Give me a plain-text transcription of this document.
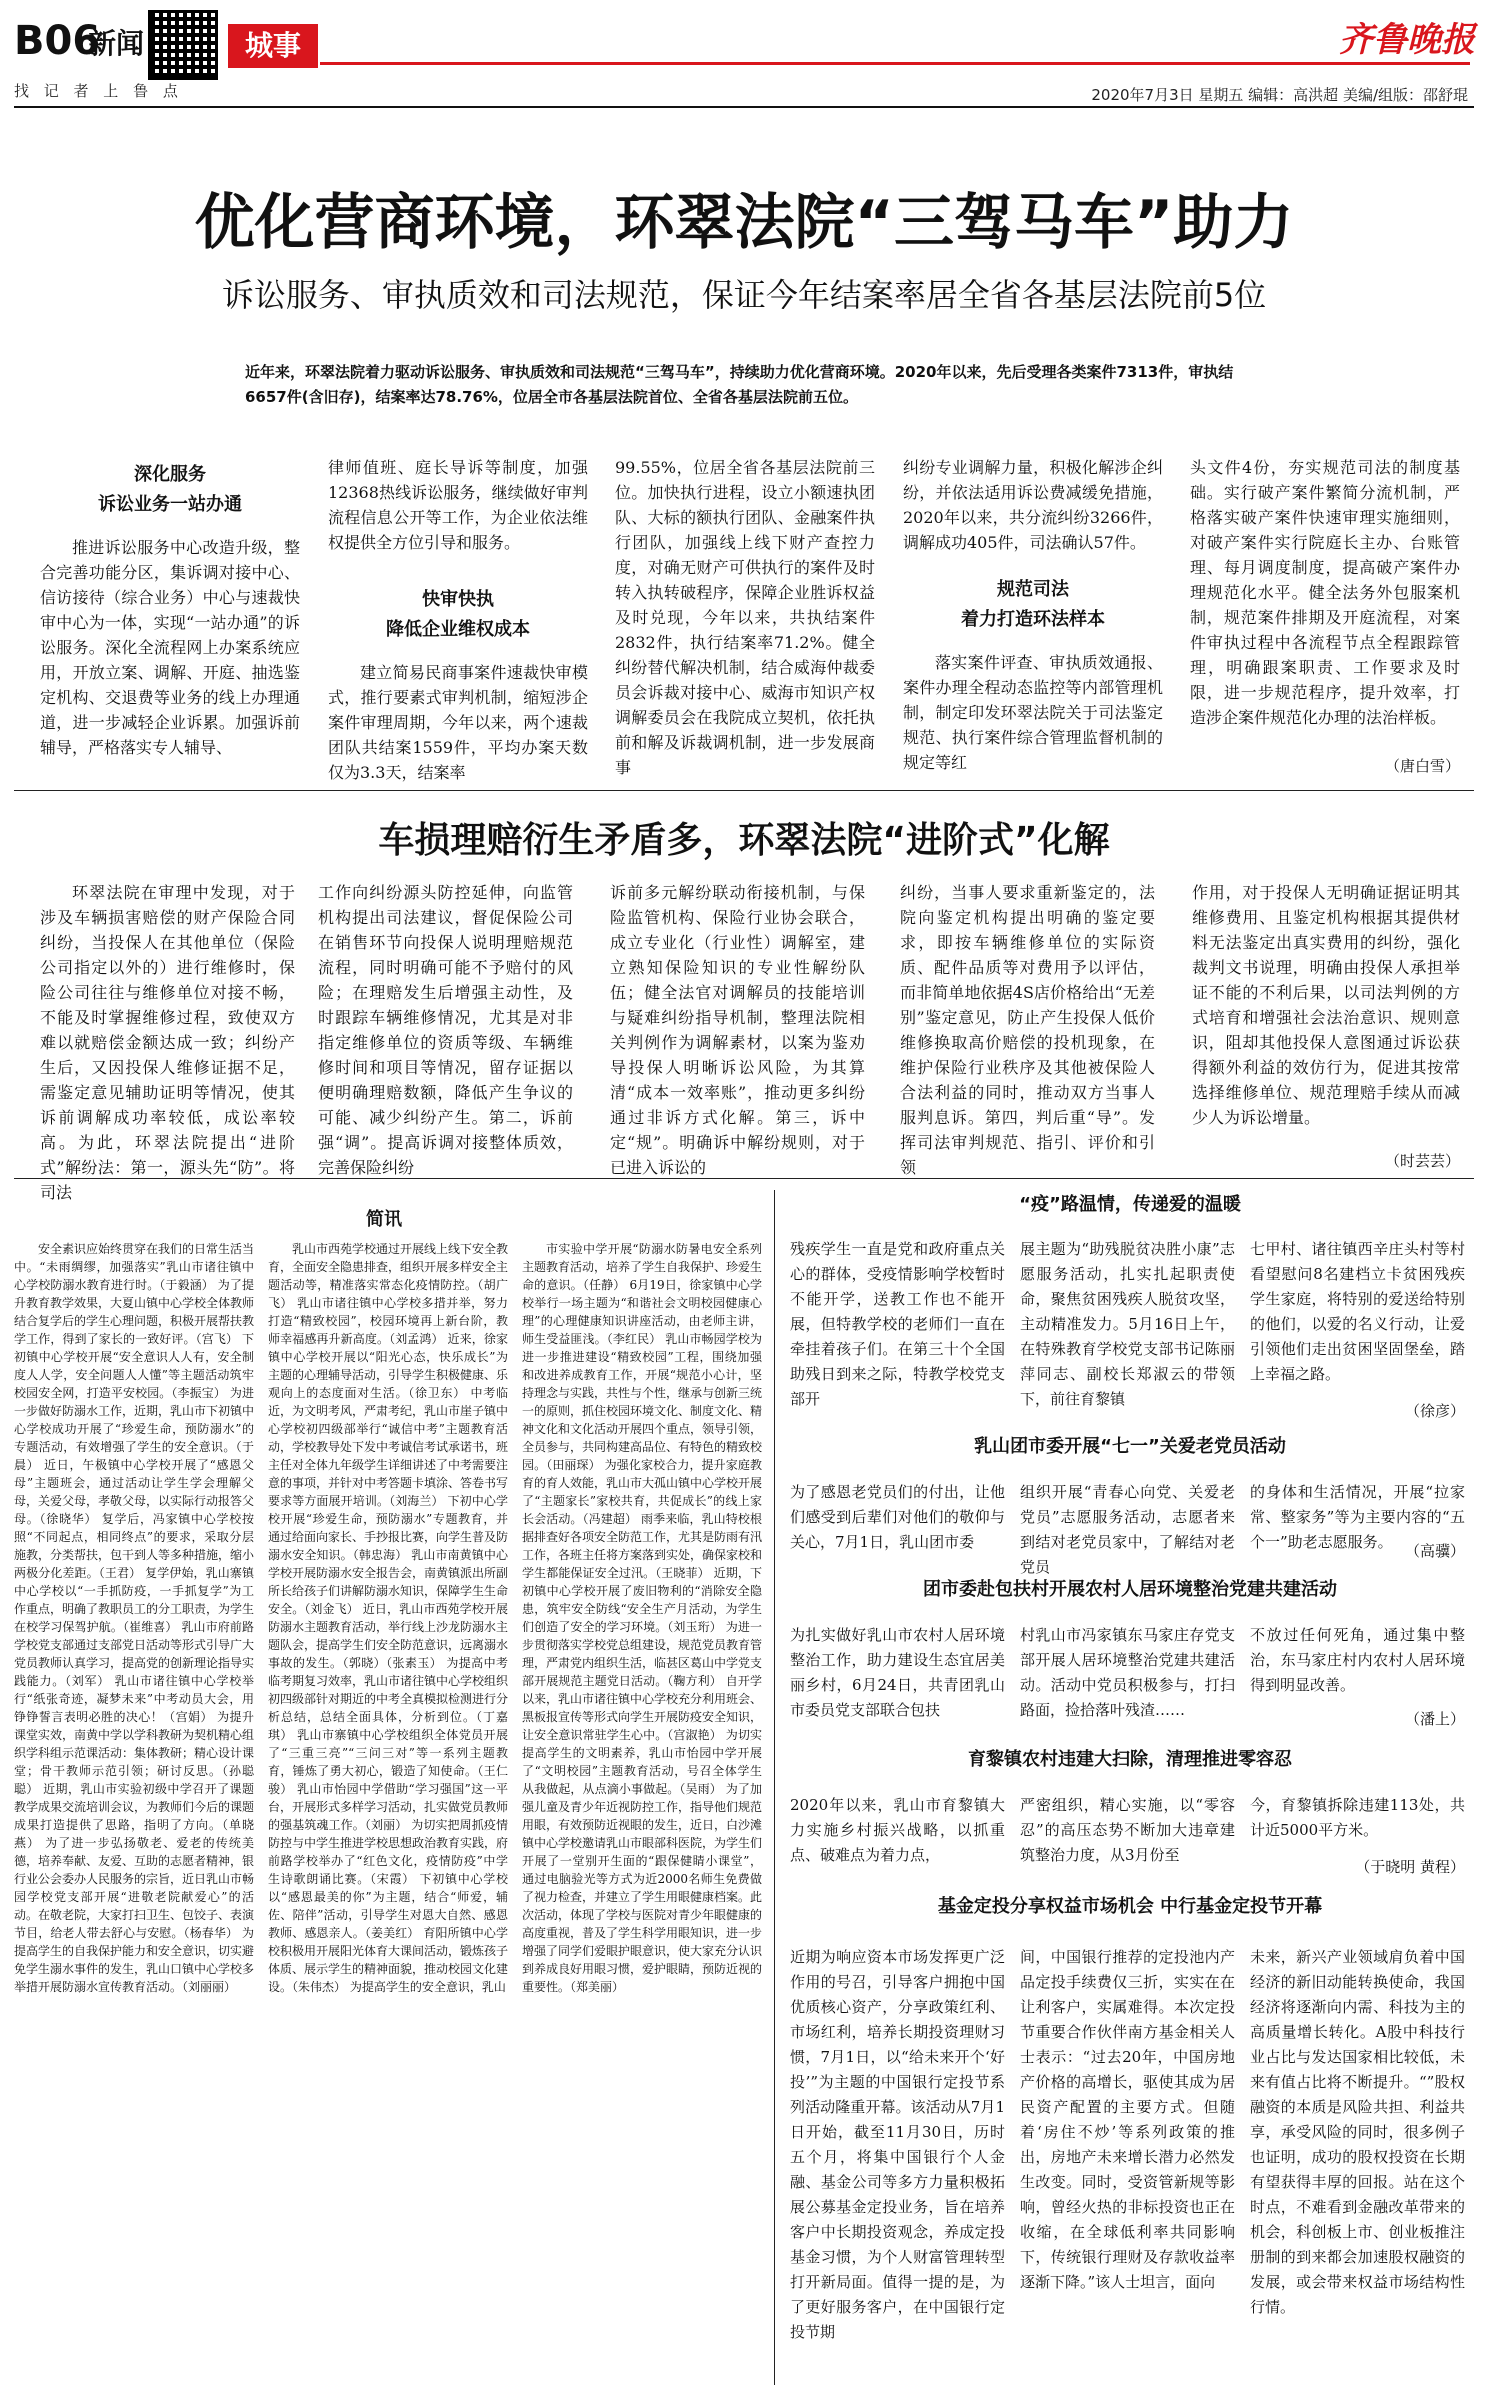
B06
新闻
找 记 者 上 鲁 点
城事	齐鲁晚报
2020年7月3日 星期五 编辑：高洪超 美编/组版：邵舒琨
优化营商环境，环翠法院“三驾马车”助力
诉讼服务、审执质效和司法规范，保证今年结案率居全省各基层法院前5位
近年来，环翠法院着力驱动诉讼服务、审执质效和司法规范“三驾马车”，持续助力优化营商环境。2020年以来，先后受理各类案件7313件，审执结6657件(含旧存)，结案率达78.76%，位居全市各基层法院首位、全省各基层法院前五位。
深化服务
诉讼业务一站办通

推进诉讼服务中心改造升级，整合完善功能分区，集诉调对接中心、信访接待（综合业务）中心与速裁快审中心为一体，实现“一站办通”的诉讼服务。深化全流程网上办案系统应用，开放立案、调解、开庭、抽选鉴定机构、交退费等业务的线上办理通道，进一步减轻企业诉累。加强诉前辅导，严格落实专人辅导、

律师值班、庭长导诉等制度，加强12368热线诉讼服务，继续做好审判流程信息公开等工作，为企业依法维权提供全方位引导和服务。

快审快执
降低企业维权成本

建立简易民商事案件速裁快审模式，推行要素式审判机制，缩短涉企案件审理周期，今年以来，两个速裁团队共结案1559件，平均办案天数仅为3.3天，结案率

99.55%，位居全省各基层法院前三位。加快执行进程，设立小额速执团队、大标的额执行团队、金融案件执行团队，加强线上线下财产查控力度，对确无财产可供执行的案件及时转入执转破程序，保障企业胜诉权益及时兑现，今年以来，共执结案件2832件，执行结案率71.2%。健全纠纷替代解决机制，结合威海仲裁委员会诉裁对接中心、威海市知识产权调解委员会在我院成立契机，依托执前和解及诉裁调机制，进一步发展商事

纠纷专业调解力量，积极化解涉企纠纷，并依法适用诉讼费减缓免措施，2020年以来，共分流纠纷3266件，调解成功405件，司法确认57件。

规范司法
着力打造环法样本

落实案件评查、审执质效通报、案件办理全程动态监控等内部管理机制，制定印发环翠法院关于司法鉴定规范、执行案件综合管理监督机制的规定等红

头文件4份，夯实规范司法的制度基础。实行破产案件繁简分流机制，严格落实破产案件快速审理实施细则，对破产案件实行院庭长主办、台账管理、每月调度制度，提高破产案件办理规范化水平。健全法务外包服案机制，规范案件排期及开庭流程，对案件审执过程中各流程节点全程跟踪管理，明确跟案职责、工作要求及时限，进一步规范程序，提升效率，打造涉企案件规范化办理的法治样板。

（唐白雪）
车损理赔衍生矛盾多，环翠法院“进阶式”化解

环翠法院在审理中发现，对于涉及车辆损害赔偿的财产保险合同纠纷，当投保人在其他单位（保险公司指定以外的）进行维修时，保险公司往往与维修单位对接不畅，不能及时掌握维修过程，致使双方难以就赔偿金额达成一致；纠纷产生后，又因投保人维修证据不足，需鉴定意见辅助证明等情况，使其诉前调解成功率较低，成讼率较高。为此，环翠法院提出“进阶式”解纷法：第一，源头先“防”。将司法

工作向纠纷源头防控延伸，向监管机构提出司法建议，督促保险公司在销售环节向投保人说明理赔规范流程，同时明确可能不予赔付的风险；在理赔发生后增强主动性，及时跟踪车辆维修情况，尤其是对非指定维修单位的资质等级、车辆维修时间和项目等情况，留存证据以便明确理赔数额，降低产生争议的可能、减少纠纷产生。第二，诉前强“调”。提高诉调对接整体质效，完善保险纠纷

诉前多元解纷联动衔接机制，与保险监管机构、保险行业协会联合，成立专业化（行业性）调解室，建立熟知保险知识的专业性解纷队伍；健全法官对调解员的技能培训与疑难纠纷指导机制，整理法院相关判例作为调解素材，以案为鉴劝导投保人明晰诉讼风险，为其算清“成本一效率账”，推动更多纠纷通过非诉方式化解。第三，诉中定“规”。明确诉中解纷规则，对于已进入诉讼的

纠纷，当事人要求重新鉴定的，法院向鉴定机构提出明确的鉴定要求，即按车辆维修单位的实际资质、配件品质等对费用予以评估，而非简单地依据4S店价格给出“无差别”鉴定意见，防止产生投保人低价维修换取高价赔偿的投机现象，在维护保险行业秩序及其他被保险人合法利益的同时，推动双方当事人服判息诉。第四，判后重“导”。发挥司法审判规范、指引、评价和引领

作用，对于投保人无明确证据证明其维修费用、且鉴定机构根据其提供材料无法鉴定出真实费用的纠纷，强化裁判文书说理，明确由投保人承担举证不能的不利后果，以司法判例的方式培育和增强社会法治意识、规则意识，阻却其他投保人意图通过诉讼获得额外利益的效仿行为，促进其按常选择维修单位、规范理赔手续从而减少人为诉讼增量。

（时芸芸）
简讯

安全素识应始终贯穿在我们的日常生活当中。“未雨绸缪，加强落实”乳山市诸往镇中心学校防溺水教育进行时。（于毅涵） 为了提升教育教学效果，大夏山镇中心学校全体教师结合复学后的学生心理问题，积极开展帮扶教学工作，得到了家长的一致好评。（宫飞） 下初镇中心学校开展“安全意识人人有，安全制度人人学，安全问题人人懂”等主题活动筑牢校园安全网，打造平安校园。（李振宝） 为进一步做好防溺水工作，近期，乳山市下初镇中心学校成功开展了“珍爱生命，预防溺水”的专题活动，有效增强了学生的安全意识。（于晨） 近日，午极镇中心学校开展了“感恩父母”主题班会，通过活动让学生学会理解父母，关爱父母，孝敬父母，以实际行动报答父母。（徐晓华） 复学后，冯家镇中心学校按照“不同起点，相同终点”的要求，采取分层施教，分类帮扶，包干到人等多种措施，缩小两极分化差距。（王君） 复学伊始，乳山寨镇中心学校以“一手抓防疫，一手抓复学”为工作重点，明确了教职员工的分工职责，为学生在校学习保驾护航。（崔维喜） 乳山市府前路学校党支部通过支部党日活动等形式引导广大党员教师认真学习，提高党的创新理论指导实践能力。（刘军） 乳山市诸往镇中心学校举行“纸张奇迹，凝梦未来”中考动员大会，用铮铮誓言表明必胜的决心！（宫娟） 为提升课堂实效，南黄中学以学科教研为契机精心组织学科组示范课活动：集体教研；精心设计课堂；骨干教师示范引领；研讨反思。（孙聪聪） 近期，乳山市实验初级中学召开了课题教学成果交流培训会议，为教师们今后的课题成果打造提供了思路，指明了方向。（单晓燕） 为了进一步弘扬敬老、爱老的传统美德，培养奉献、友爱、互助的志愿者精神，银行业公会委办人民服务的宗旨，近日乳山市畅园学校党支部开展“进敬老院献爱心”的活动。在敬老院，大家打扫卫生、包饺子、表演节目，给老人带去舒心与安慰。（杨春华） 为提高学生的自我保护能力和安全意识，切实避免学生溺水事件的发生，乳山口镇中心学校多举措开展防溺水宣传教育活动。（刘丽丽）

乳山市西苑学校通过开展线上线下安全教育，全面安全隐患排查，组织开展多样安全主题活动等，精准落实常态化疫情防控。（胡广飞） 乳山市诸往镇中心学校多措并举，努力打造“精致校园”，校园环境再上新台阶，教师幸福感再升新高度。（刘孟鸿） 近来，徐家镇中心学校开展以“阳光心态，快乐成长”为主题的心理辅导活动，引导学生积极健康、乐观向上的态度面对生活。（徐卫东） 中考临近，为文明考风，严肃考纪，乳山市崖子镇中心学校初四级部举行“诚信中考”主题教育活动，学校教导处下发中考诚信考试承诺书，班主任对全体九年级学生详细讲述了中考需要注意的事项，并针对中考答题卡填涂、答卷书写要求等方面展开培训。（刘海兰） 下初中心学校开展“珍爱生命，预防溺水”专题教育，并通过给面向家长、手抄报比赛，向学生普及防溺水安全知识。（韩忠海） 乳山市南黄镇中心学校开展防溺水安全报告会，南黄镇派出所副所长给孩子们讲解防溺水知识，保障学生生命安全。（刘金飞） 近日，乳山市西苑学校开展防溺水主题教育活动，举行线上沙龙防溺水主题队会，提高学生们安全防范意识，远离溺水事故的发生。（郭晓）（张素玉） 为提高中考临考期复习效率，乳山市诸往镇中心学校组织初四级部针对期近的中考全真模拟检测进行分析总结，总结全面具体，分析到位。（丁嘉琪） 乳山市寨镇中心学校组织全体党员开展了“三重三亮”“三问三对”等一系列主题教育，锤炼了勇大初心，锻造了知使命。（王仁骏） 乳山市怡园中学借助“学习强国”这一平台，开展形式多样学习活动，扎实做党员教师的强基筑魂工作。（刘丽） 为切实把周抓疫情防控与中学生推进学校思想政治教育实践，府前路学校举办了“红色文化，疫情防疫”中学生诗歌朗诵比赛。（宋霞） 下初镇中心学校以“感恩最美的你”为主题，结合“师爱，辅佐、陪伴”活动，引导学生对恩大自然、感恩教师、感恩亲人。（姜美红） 育阳所镇中心学校积极用开展阳光体育大课间活动，锻炼孩子体质、展示学生的精神面貌，推动校园文化建设。（朱伟杰） 为提高学生的安全意识，乳山

市实验中学开展“防溺水防暑电安全系列主题教育活动，培养了学生自我保护、珍爱生命的意识。（任静） 6月19日，徐家镇中心学校举行一场主题为“和谐社会文明校园健康心理”的心理健康知识讲座活动，由老师主讲，师生受益匪浅。（李红民） 乳山市畅园学校为进一步推进建设“精致校园”工程，围绕加强和改进养成教育工作，开展“规范小心计，坚持理念与实践，共性与个性，继承与创新三统一的原则，抓住校园环境文化、制度文化、精神文化和文化活动开展四个重点，领导引领，全员参与，共同构建高品位、有特色的精致校园。（田丽琛） 为强化家校合力，提升家庭教育的育人效能，乳山市大孤山镇中心学校开展了“主题家长”家校共育，共促成长”的线上家长会活动。（冯建超） 雨季来临，乳山特校根据排查好各项安全防范工作，尤其是防雨有汛工作，各班主任将方案落到实处，确保家校和学生都能保证安全过汛。（王晓菲） 近期，下初镇中心学校开展了废旧物利的“消除安全隐患，筑牢安全防线“安全生产月活动，为学生们创造了安全的学习环境。（刘玉珩） 为进一步贯彻落实学校党总组建设，规范党员教育管理，严肃党内组织生活，临甚区葛山中学党支部开展规范主题党日活动。（鞠方利） 自开学以来，乳山市诸往镇中心学校充分利用班会、黑板报宣传等形式向学生开展防疫安全知识，让安全意识常驻学生心中。（宫淑艳） 为切实提高学生的文明素养，乳山市怡园中学开展了“文明校园”主题教育活动，号召全体学生从我做起，从点滴小事做起。（吴雨） 为了加强儿童及青少年近视防控工作，指导他们规范用眼，有效预防近视眼的发生，近日，白沙滩镇中心学校邀请乳山市眼部科医院，为学生们开展了一堂别开生面的“跟保健睛小课堂”，通过电脑验光等方式为近2000名师生免费做了视力检查，并建立了学生用眼健康档案。此次活动，体现了学校与医院对青少年眼健康的高度重视，普及了学生科学用眼知识，进一步增强了同学们爱眼护眼意识，使大家充分认识到养成良好用眼习惯，爱护眼睛，预防近视的重要性。（郑美丽）

“疫”路温情，传递爱的温暖

残疾学生一直是党和政府重点关心的群体，受疫情影响学校暂时不能开学，送教工作也不能开展，但特教学校的老师们一直在牵挂着孩子们。在第三十个全国助残日到来之际，特教学校党支部开

展主题为“助残脱贫决胜小康”志愿服务活动，扎实扎起职责使命，聚焦贫困残疾人脱贫攻坚，主动精准发力。5月16日上午，在特殊教育学校党支部书记陈丽萍同志、副校长郑淑云的带领下，前往育黎镇

七甲村、诸往镇西辛庄头村等村看望慰问8名建档立卡贫困残疾学生家庭，将特别的爱送给特别的他们，以爱的名义行动，让爱引领他们走出贫困坚固堡垒，踏上幸福之路。

（徐彦）
乳山团市委开展“七一”关爱老党员活动

为了感恩老党员们的付出，让他们感受到后辈们对他们的敬仰与关心，7月1日，乳山团市委

组织开展“青春心向党、关爱老党员”志愿服务活动，志愿者来到结对老党员家中，了解结对老党员

的身体和生活情况，开展“拉家常、整家务”等为主要内容的“五个一”助老志愿服务。 （高骥）
团市委赴包扶村开展农村人居环境整治党建共建活动

为扎实做好乳山市农村人居环境整治工作，助力建设生态宜居美丽乡村，6月24日，共青团乳山市委员党支部联合包扶

村乳山市冯家镇东马家庄存党支部开展人居环境整治党建共建活动。活动中党员积极参与，打扫路面，捡拾落叶残渣……

不放过任何死角，通过集中整治，东马家庄村内农村人居环境得到明显改善。

（潘上）
育黎镇农村违建大扫除，清理推进零容忍

2020年以来，乳山市育黎镇大力实施乡村振兴战略，以抓重点、破难点为着力点，

严密组织，精心实施，以“零容忍”的高压态势不断加大违章建筑整治力度，从3月份至

今，育黎镇拆除违建113处，共计近5000平方米。

（于晓明 黄程）
基金定投分享权益市场机会 中行基金定投节开幕

近期为响应资本市场发挥更广泛作用的号召，引导客户拥抱中国优质核心资产，分享政策红利、市场红利，培养长期投资理财习惯，7月1日，以“给未来开个‘好投’”为主题的中国银行定投节系列活动隆重开幕。该活动从7月1日开始，截至11月30日，历时五个月，将集中国银行个人金融、基金公司等多方力量积极拓展公募基金定投业务，旨在培养客户中长期投资观念，养成定投基金习惯，为个人财富管理转型打开新局面。值得一提的是，为了更好服务客户，在中国银行定投节期

间，中国银行推荐的定投池内产品定投手续费仅三折，实实在在让利客户，实属难得。本次定投节重要合作伙伴南方基金相关人士表示：“过去20年，中国房地产价格的高增长，驱使其成为居民资产配置的主要方式。但随着‘房住不炒’等系列政策的推出，房地产未来增长潜力必然发生改变。同时，受资管新规等影响，曾经火热的非标投资也正在收缩，在全球低利率共同影响下，传统银行理财及存款收益率逐渐下降。”该人士坦言，面向

未来，新兴产业领域肩负着中国经济的新旧动能转换使命，我国经济将逐渐向内需、科技为主的高质量增长转化。A股中科技行业占比与发达国家相比较低，未来有值占比将不断提升。“”股权融资的本质是风险共担、利益共享，承受风险的同时，很多例子也证明，成功的股权投资在长期有望获得丰厚的回报。站在这个时点，不难看到金融改革带来的机会，科创板上市、创业板推注册制的到来都会加速股权融资的发展，或会带来权益市场结构性行情。
